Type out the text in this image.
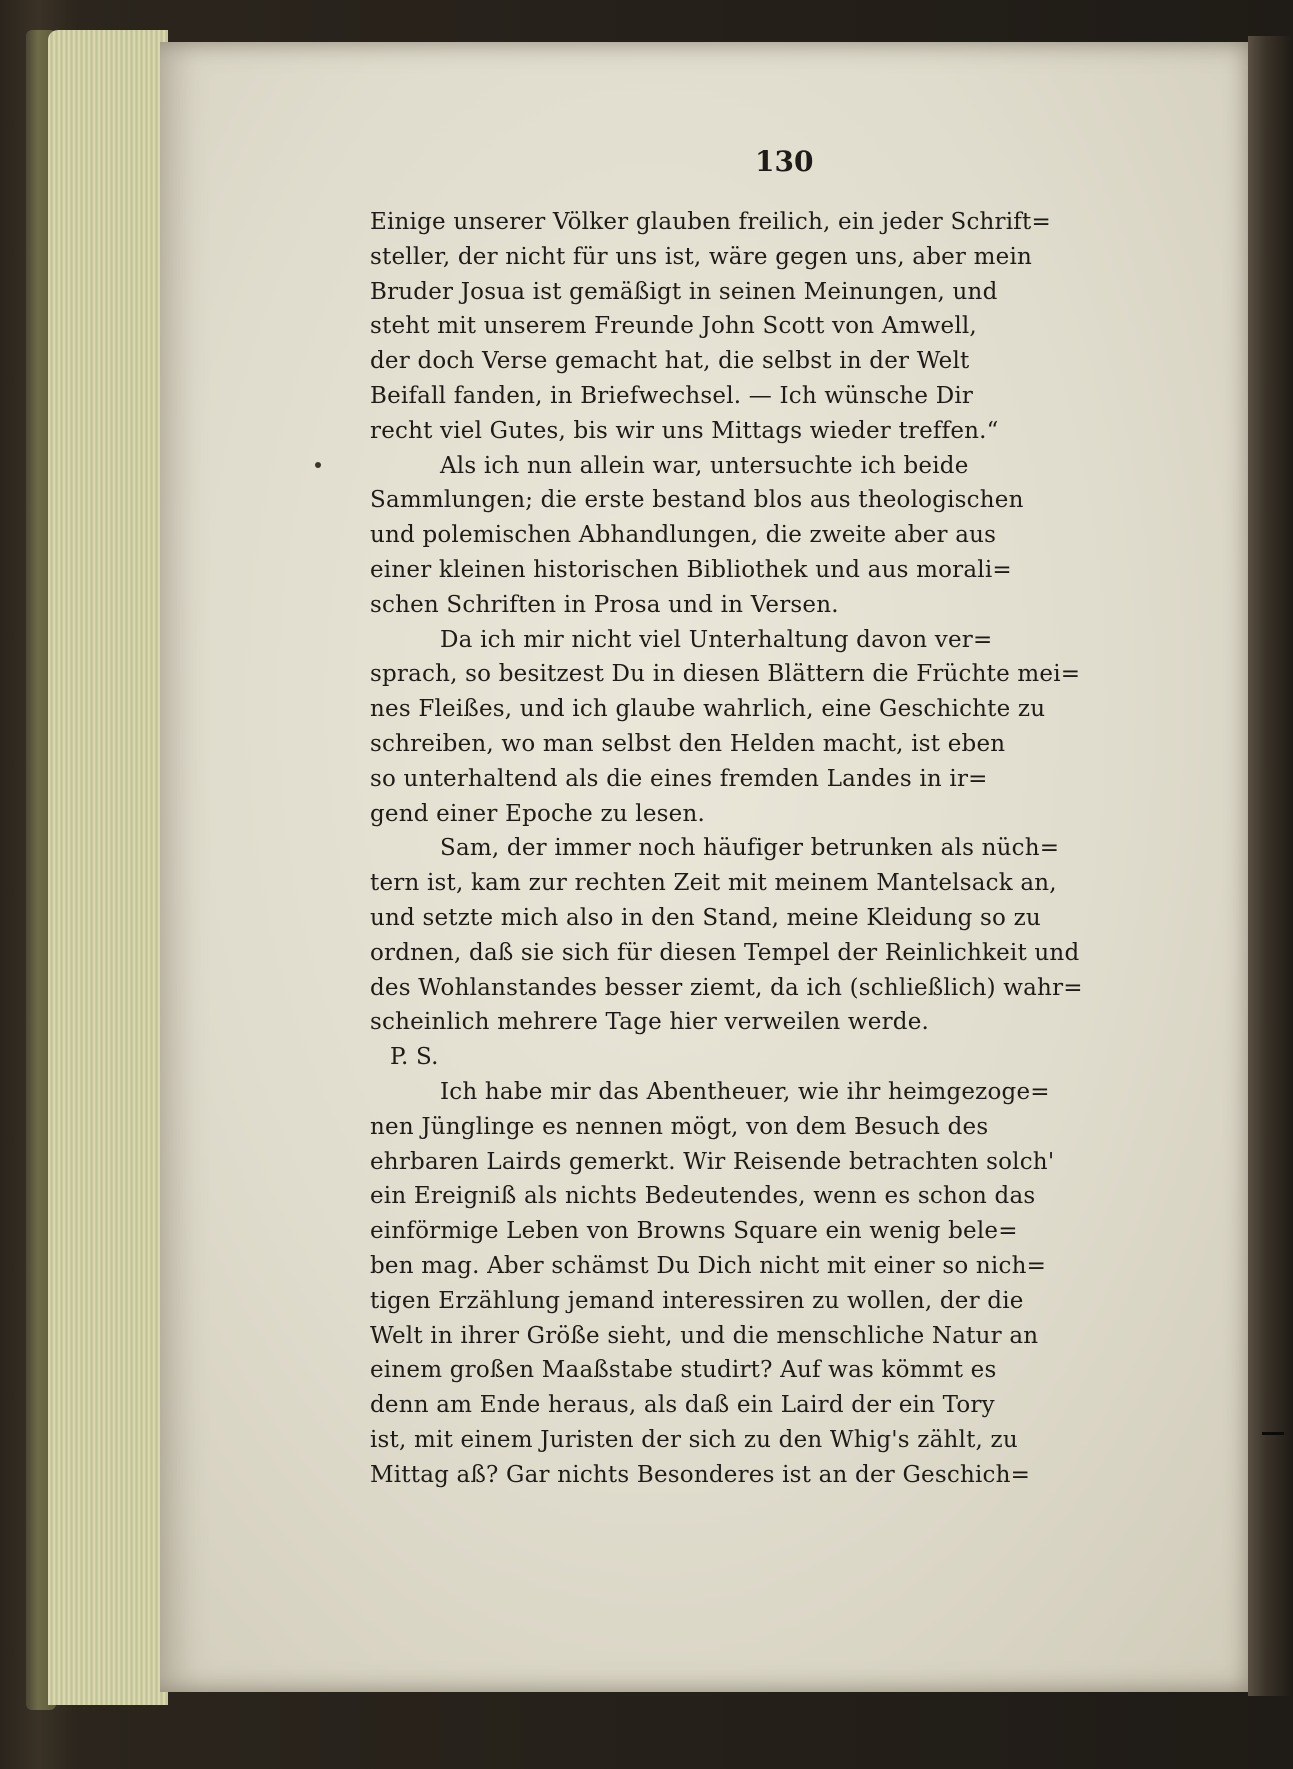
130
Einige unserer Völker glauben freilich, ein jeder Schrift=
steller, der nicht für uns ist, wäre gegen uns, aber mein
Bruder Josua ist gemäßigt in seinen Meinungen, und
steht mit unserem Freunde John Scott von Amwell,
der doch Verse gemacht hat, die selbst in der Welt
Beifall fanden, in Briefwechsel. — Ich wünsche Dir
recht viel Gutes, bis wir uns Mittags wieder treffen.“
Als ich nun allein war, untersuchte ich beide
Sammlungen; die erste bestand blos aus theologischen
und polemischen Abhandlungen, die zweite aber aus
einer kleinen historischen Bibliothek und aus morali=
schen Schriften in Prosa und in Versen.
Da ich mir nicht viel Unterhaltung davon ver=
sprach, so besitzest Du in diesen Blättern die Früchte mei=
nes Fleißes, und ich glaube wahrlich, eine Geschichte zu
schreiben, wo man selbst den Helden macht, ist eben
so unterhaltend als die eines fremden Landes in ir=
gend einer Epoche zu lesen.
Sam, der immer noch häufiger betrunken als nüch=
tern ist, kam zur rechten Zeit mit meinem Mantelsack an,
und setzte mich also in den Stand, meine Kleidung so zu
ordnen, daß sie sich für diesen Tempel der Reinlichkeit und
des Wohlanstandes besser ziemt, da ich (schließlich) wahr=
scheinlich mehrere Tage hier verweilen werde.
P. S.
Ich habe mir das Abentheuer, wie ihr heimgezoge=
nen Jünglinge es nennen mögt, von dem Besuch des
ehrbaren Lairds gemerkt. Wir Reisende betrachten solch'
ein Ereigniß als nichts Bedeutendes, wenn es schon das
einförmige Leben von Browns Square ein wenig bele=
ben mag. Aber schämst Du Dich nicht mit einer so nich=
tigen Erzählung jemand interessiren zu wollen, der die
Welt in ihrer Größe sieht, und die menschliche Natur an
einem großen Maaßstabe studirt? Auf was kömmt es
denn am Ende heraus, als daß ein Laird der ein Tory
ist, mit einem Juristen der sich zu den Whig's zählt, zu
Mittag aß? Gar nichts Besonderes ist an der Geschich=
